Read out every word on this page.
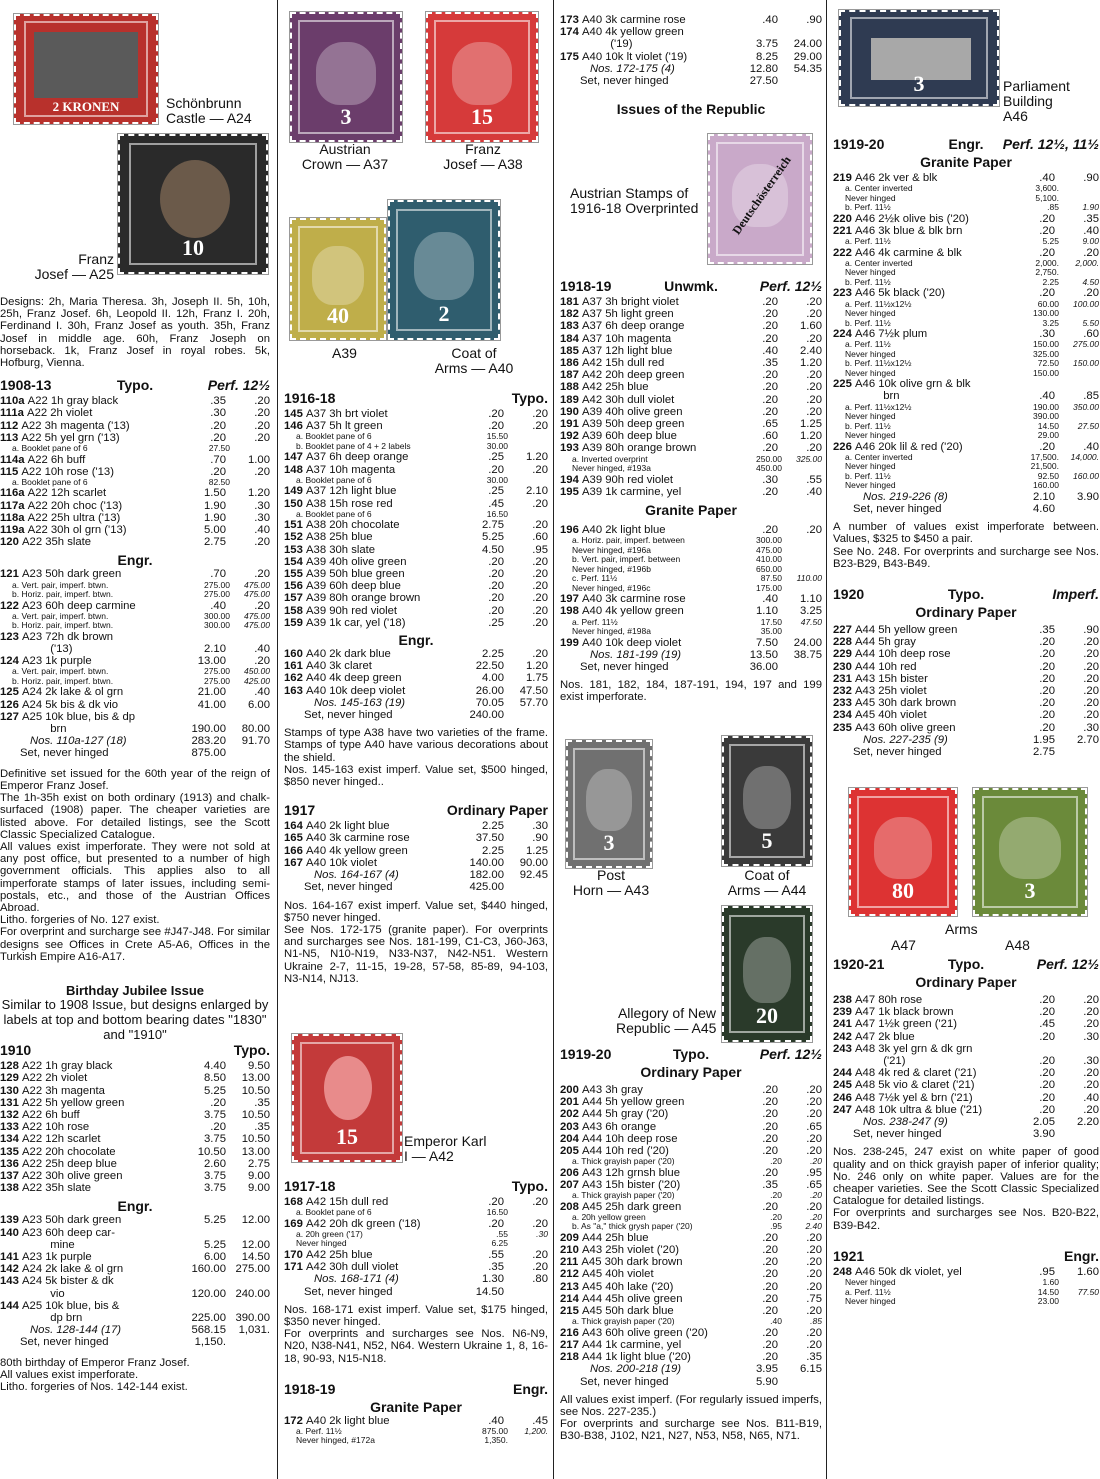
2 KRONEN	Schönbrunn
Castle — A24
10
Franz
Josef — A25

Designs: 2h, Maria Theresa. 3h, Joseph II. 5h, 10h, 25h, Franz Josef. 6h, Leopold II. 12h, Franz I. 20h, Ferdinand I. 30h, Franz Josef as youth. 35h, Franz Josef in middle age. 60h, Franz Joseph on horseback. 1k, Franz Josef in royal robes. 5k, Hofburg, Vienna.

1908-13	Typo.	Perf. 12½
110a A22 1h gray black	.35	.20
111a A22 2h violet	.30	.20
112 A22 3h magenta ('13)	.20	.20
113 A22 5h yel grn ('13)	.20	.20
a. Booklet pane of 6	27.50
114a A22 6h buff	.70	1.00
115 A22 10h rose ('13)	.20	.20
a. Booklet pane of 6	82.50
116a A22 12h scarlet	1.50	1.20
117a A22 20h choc ('13)	1.90	.30
118a A22 25h ultra ('13)	1.90	.30
119a A22 30h ol grn ('13)	5.00	.40
120 A22 35h slate	2.75	.20
Engr.
121 A23 50h dark green	.70	.20
a. Vert. pair, imperf. btwn.	275.00	475.00
b. Horiz. pair, imperf. btwn.	275.00	475.00
122 A23 60h deep carmine	.40	.20
a. Vert. pair, imperf. btwn.	300.00	475.00
b. Horiz. pair, imperf. btwn.	300.00	475.00
123 A23 72h dk brown
('13)	2.10	.40
124 A23 1k purple	13.00	.20
a. Vert. pair, imperf. btwn.	275.00	450.00
b. Horiz. pair, imperf. btwn.	275.00	425.00
125 A24 2k lake & ol grn	21.00	.40
126 A24 5k bis & dk vio	41.00	6.00
127 A25 10k blue, bis & dp
brn	190.00	80.00
Nos. 110a-127 (18)	283.20	91.70
Set, never hinged	875.00
Definitive set issued for the 60th year of the reign of Emperor Franz Josef.
The 1h-35h exist on both ordinary (1913) and chalk-surfaced (1908) paper. The cheaper varieties are listed above. For detailed listings, see the Scott Classic Specialized Catalogue.
All values exist imperforate. They were not sold at any post office, but presented to a number of high government officials. This applies also to all imperforate stamps of later issues, including semi-postals, etc., and those of the Austrian Offices Abroad.
Litho. forgeries of No. 127 exist.
For overprint and surcharge see #J47-J48. For similar designs see Offices in Crete A5-A6, Offices in the Turkish Empire A16-A17.
Birthday Jubilee Issue
Similar to 1908 Issue, but designs enlarged by labels at top and bottom bearing dates "1830" and "1910"
1910	Typo.
128 A22 1h gray black	4.40	9.50
129 A22 2h violet	8.50	13.00
130 A22 3h magenta	5.25	10.50
131 A22 5h yellow green	.20	.35
132 A22 6h buff	3.75	10.50
133 A22 10h rose	.20	.35
134 A22 12h scarlet	3.75	10.50
135 A22 20h chocolate	10.50	13.00
136 A22 25h deep blue	2.60	2.75
137 A22 30h olive green	3.75	9.00
138 A22 35h slate	3.75	9.00
Engr.
139 A23 50h dark green	5.25	12.00
140 A23 60h deep car-
mine	5.25	12.00
141 A23 1k purple	6.00	14.50
142 A24 2k lake & ol grn	160.00 275.00
143 A24 5k bister & dk
vio	120.00 240.00
144 A25 10k blue, bis &
dp brn	225.00 390.00
Nos. 128-144 (17)	568.15	1,031.
Set, never hinged	1,150.
80th birthday of Emperor Franz Josef.
All values exist imperforate.
Litho. forgeries of Nos. 142-144 exist.
3
Austrian
Crown — A37
15
Franz
Josef — A38
40
A39
2
Coat of
Arms — A40
1916-18	Typo.
145 A37 3h brt violet	.20	.20
146 A37 5h lt green	.20	.20
a. Booklet pane of 6	15.50
b. Booklet pane of 4 + 2 labels	30.00
147 A37 6h deep orange	.25	1.20
148 A37 10h magenta	.20	.20
a. Booklet pane of 6	30.00
149 A37 12h light blue	.25	2.10
150 A38 15h rose red	.45	.20
a. Booklet pane of 6	16.50
151 A38 20h chocolate	2.75	.20
152 A38 25h blue	5.25	.60
153 A38 30h slate	4.50	.95
154 A39 40h olive green	.20	.20
155 A39 50h blue green	.20	.20
156 A39 60h deep blue	.20	.20
157 A39 80h orange brown	.20	.20
158 A39 90h red violet	.20	.20
159 A39 1k car, yel ('18)	.25	.20
Engr.
160 A40 2k dark blue	2.25	.20
161 A40 3k claret	22.50	1.20
162 A40 4k deep green	4.00	1.75
163 A40 10k deep violet	26.00	47.50
Nos. 145-163 (19)	70.05	57.70
Set, never hinged	240.00
Stamps of type A38 have two varieties of the frame. Stamps of type A40 have various decorations about the shield.
Nos. 145-163 exist imperf. Value set, $500 hinged, $850 never hinged..
1917	Ordinary Paper
164 A40 2k light blue	2.25	.30
165 A40 3k carmine rose	37.50	.90
166 A40 4k yellow green	2.25	1.25
167 A40 10k violet	140.00	90.00
Nos. 164-167 (4)	182.00	92.45
Set, never hinged	425.00
Nos. 164-167 exist imperf. Value set, $440 hinged, $750 never hinged.
See Nos. 172-175 (granite paper). For overprints and surcharges see Nos. 181-199, C1-C3, J60-J63, N1-N5, N10-N19, N33-N37, N42-N51. Western Ukraine 2-7, 11-15, 19-28, 57-58, 85-89, 94-103, N3-N14, NJ13.
15	Emperor Karl
I — A42
1917-18	Typo.
168 A42 15h dull red	.20	.20
a. Booklet pane of 6	16.50
169 A42 20h dk green ('18)	.20	.20
a. 20h green ('17)	.55	.30
Never hinged	6.25
170 A42 25h blue	.55	.20
171 A42 30h dull violet	.35	.20
Nos. 168-171 (4)	1.30	.80
Set, never hinged	14.50
Nos. 168-171 exist imperf. Value set, $175 hinged, $350 never hinged.
For overprints and surcharges see Nos. N6-N9, N20, N38-N41, N52, N64. Western Ukraine 1, 8, 16-18, 90-93, N15-N18.
1918-19	Engr.
Granite Paper
172 A40 2k light blue	.40	.45
a. Perf. 11½	875.00	1,200.
Never hinged, #172a	1,350.
173 A40 3k carmine rose	.40	.90
174 A40 4k yellow green
('19)	3.75	24.00
175 A40 10k lt violet ('19)	8.25	29.00
Nos. 172-175 (4)	12.80	54.35
Set, never hinged	27.50
Issues of the Republic
Austrian Stamps of
1916-18 Overprinted	Deutschösterreich
1918-19	Unwmk.	Perf. 12½
181 A37 3h bright violet	.20	.20
182 A37 5h light green	.20	.20
183 A37 6h deep orange	.20	1.60
184 A37 10h magenta	.20	.20
185 A37 12h light blue	.40	2.40
186 A42 15h dull red	.35	1.20
187 A42 20h deep green	.20	.20
188 A42 25h blue	.20	.20
189 A42 30h dull violet	.20	.20
190 A39 40h olive green	.20	.20
191 A39 50h deep green	.65	1.25
192 A39 60h deep blue	.60	1.20
193 A39 80h orange brown	.20	.20
a. Inverted overprint	250.00	325.00
Never hinged, #193a	450.00
194 A39 90h red violet	.30	.55
195 A39 1k carmine, yel	.20	.40
Granite Paper
196 A40 2k light blue	.20	.20
a. Horiz. pair, imperf. between	300.00
Never hinged, #196a	475.00
b. Vert. pair, imperf. between	410.00
Never hinged, #196b	650.00
c. Perf. 11½	87.50	110.00
Never hinged, #196c	175.00
197 A40 3k carmine rose	.40	1.10
198 A40 4k yellow green	1.10	3.25
a. Perf. 11½	17.50	47.50
Never hinged, #198a	35.00
199 A40 10k deep violet	7.50	24.00
Nos. 181-199 (19)	13.50	38.75
Set, never hinged	36.00
Nos. 181, 182, 184, 187-191, 194, 197 and 199 exist imperforate.
3
Post
Horn — A43
5
Coat of
Arms — A44
20
Allegory of New
Republic — A45
1919-20	Typo.	Perf. 12½
Ordinary Paper
200 A43 3h gray	.20	.20
201 A44 5h yellow green	.20	.20
202 A44 5h gray ('20)	.20	.20
203 A43 6h orange	.20	.65
204 A44 10h deep rose	.20	.20
205 A44 10h red ('20)	.20	.20
a. Thick grayish paper ('20)	.20	.20
206 A43 12h grnsh blue	.20	.95
207 A43 15h bister ('20)	.35	.65
a. Thick grayish paper ('20)	.20	.20
208 A45 25h dark green	.20	.20
a. 20h yellow green	.20	.20
b. As "a," thick grysh paper ('20)	.95	2.40
209 A44 25h blue	.20	.20
210 A43 25h violet ('20)	.20	.20
211 A45 30h dark brown	.20	.20
212 A45 40h violet	.20	.20
213 A45 40h lake ('20)	.20	.20
214 A44 45h olive green	.20	.75
215 A45 50h dark blue	.20	.20
a. Thick grayish paper ('20)	.40	.85
216 A43 60h olive green ('20)	.20	.20
217 A44 1k carmine, yel	.20	.20
218 A44 1k light blue ('20)	.20	.35
Nos. 200-218 (19)	3.95	6.15
Set, never hinged	5.90
All values exist imperf. (For regularly issued imperfs, see Nos. 227-235.)
For overprints and surcharge see Nos. B11-B19, B30-B38, J102, N21, N27, N53, N58, N65, N71.
3	Parliament
Building
A46
1919-20	Engr.	Perf. 12½, 11½
Granite Paper
219 A46 2k ver & blk	.40	.90
a. Center inverted	3,600.
Never hinged	5,100.
b. Perf. 11½	.85	1.90
220 A46 2½k olive bis ('20)	.20	.35
221 A46 3k blue & blk brn	.20	.40
a. Perf. 11½	5.25	9.00
222 A46 4k carmine & blk	.20	.20
a. Center inverted	2,000.	2,000.
Never hinged	2,750.
b. Perf. 11½	2.25	4.50
223 A46 5k black ('20)	.20	.20
a. Perf. 11½x12½	60.00	100.00
Never hinged	130.00
b. Perf. 11½	3.25	5.50
224 A46 7½k plum	.30	.60
a. Perf. 11½	150.00	275.00
Never hinged	325.00
b. Perf. 11½x12½	72.50	150.00
Never hinged	150.00
225 A46 10k olive grn & blk
brn	.40	.85
a. Perf. 11½x12½	190.00	350.00
Never hinged	390.00
b. Perf. 11½	14.50	27.50
Never hinged	29.00
226 A46 20k lil & red ('20)	.20	.40
a. Center inverted	17,500.	14,000.
Never hinged	21,500.
b. Perf. 11½	92.50	160.00
Never hinged	160.00
Nos. 219-226 (8)	2.10	3.90
Set, never hinged	4.60
A number of values exist imperforate between. Values, $325 to $450 a pair.
See No. 248. For overprints and surcharge see Nos. B23-B29, B43-B49.
1920	Typo.	Imperf.
Ordinary Paper
227 A44 5h yellow green	.35	.90
228 A44 5h gray	.20	.20
229 A44 10h deep rose	.20	.20
230 A44 10h red	.20	.20
231 A43 15h bister	.20	.20
232 A43 25h violet	.20	.20
233 A45 30h dark brown	.20	.20
234 A45 40h violet	.20	.20
235 A43 60h olive green	.20	.30
Nos. 227-235 (9)	1.95	2.70
Set, never hinged	2.75
80	3
Arms
A47	A48
1920-21	Typo.	Perf. 12½
Ordinary Paper
238 A47 80h rose	.20	.20
239 A47 1k black brown	.20	.20
241 A47 1½k green ('21)	.45	.20
242 A47 2k blue	.20	.30
243 A48 3k yel grn & dk grn
('21)	.20	.30
244 A48 4k red & claret ('21)	.20	.20
245 A48 5k vio & claret ('21)	.20	.20
246 A48 7½k yel & brn ('21)	.20	.40
247 A48 10k ultra & blue ('21)	.20	.20
Nos. 238-247 (9)	2.05	2.20
Set, never hinged	3.90
Nos. 238-245, 247 exist on white paper of good quality and on thick grayish paper of inferior quality; No. 246 only on white paper. Values are for the cheaper varieties. See the Scott Classic Specialized Catalogue for detailed listings.
For overprints and surcharges see Nos. B20-B22, B39-B42.
1921	Engr.
248 A46 50k dk violet, yel	.95	1.60
Never hinged	1.60
a. Perf. 11½	14.50	77.50
Never hinged	23.00
